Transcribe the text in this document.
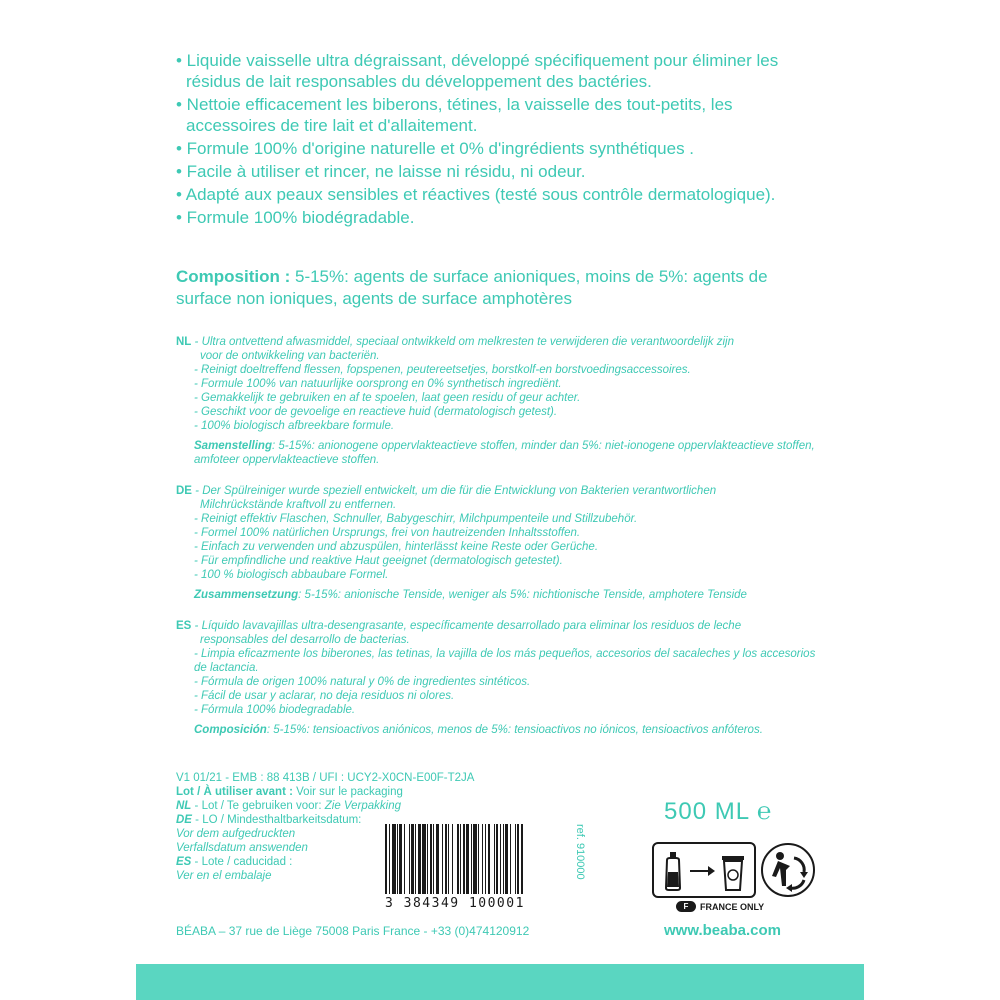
• Liquide vaisselle ultra dégraissant, développé spécifiquement pour éliminer les résidus de lait responsables du développement des bactéries.
• Nettoie efficacement les biberons, tétines, la vaisselle des tout-petits, les accessoires de tire lait et d'allaitement.
• Formule 100% d'origine naturelle et 0% d'ingrédients synthétiques .
• Facile à utiliser et rincer, ne laisse ni résidu, ni odeur.
• Adapté aux peaux sensibles et réactives (testé sous contrôle dermatologique).
• Formule 100% biodégradable.
Composition : 5-15%: agents de surface anioniques, moins de 5%: agents de surface non ioniques, agents de surface amphotères
NL - Ultra ontvettend afwasmiddel, speciaal ontwikkeld om melkresten te verwijderen die verantwoordelijk zijn
voor de ontwikkeling van bacteriën.
- Reinigt doeltreffend flessen, fopspenen, peutereetsetjes, borstkolf-en borstvoedingsaccessoires.
- Formule 100% van natuurlijke oorsprong en 0% synthetisch ingrediënt.
- Gemakkelijk te gebruiken en af te spoelen, laat geen residu of geur achter.
- Geschikt voor de gevoelige en reactieve huid (dermatologisch getest).
- 100% biologisch afbreekbare formule.
Samenstelling: 5-15%: anionogene oppervlakteactieve stoffen, minder dan 5%: niet-ionogene oppervlakteactieve stoffen, amfoteer oppervlakteactieve stoffen.
DE - Der Spülreiniger wurde speziell entwickelt, um die für die Entwicklung von Bakterien verantwortlichen
Milchrückstände kraftvoll zu entfernen.
- Reinigt effektiv Flaschen, Schnuller, Babygeschirr, Milchpumpenteile und Stillzubehör.
- Formel 100% natürlichen Ursprungs, frei von hautreizenden Inhaltsstoffen.
- Einfach zu verwenden und abzuspülen, hinterlässt keine Reste oder Gerüche.
- Für empfindliche und reaktive Haut geeignet (dermatologisch getestet).
- 100 % biologisch abbaubare Formel.
Zusammensetzung: 5-15%: anionische Tenside, weniger als 5%: nichtionische Tenside, amphotere Tenside
ES - Líquido lavavajillas ultra-desengrasante, específicamente desarrollado para eliminar los residuos de leche
responsables del desarrollo de bacterias.
- Limpia eficazmente los biberones, las tetinas, la vajilla de los más pequeños, accesorios del sacaleches y los accesorios de lactancia.
- Fórmula de origen 100% natural y 0% de ingredientes sintéticos.
- Fácil de usar y aclarar, no deja residuos ni olores.
- Fórmula 100% biodegradable.
Composición: 5-15%: tensioactivos aniónicos, menos de 5%: tensioactivos no iónicos, tensioactivos anfóteros.
V1 01/21 - EMB : 88 413B / UFI : UCY2-X0CN-E00F-T2JA
Lot / À utiliser avant : Voir sur le packaging
NL - Lot / Te gebruiken voor: Zie Verpakking
DE - LO / Mindesthaltbarkeitsdatum:
Vor dem aufgedruckten
Verfallsdatum answenden
ES - Lote / caducidad :
Ver en el embalaje
3 384349 100001
ref. 910000
500 ML ℮
F	FRANCE ONLY
BÉABA – 37 rue de Liège 75008 Paris France - +33 (0)474120912	www.beaba.com
